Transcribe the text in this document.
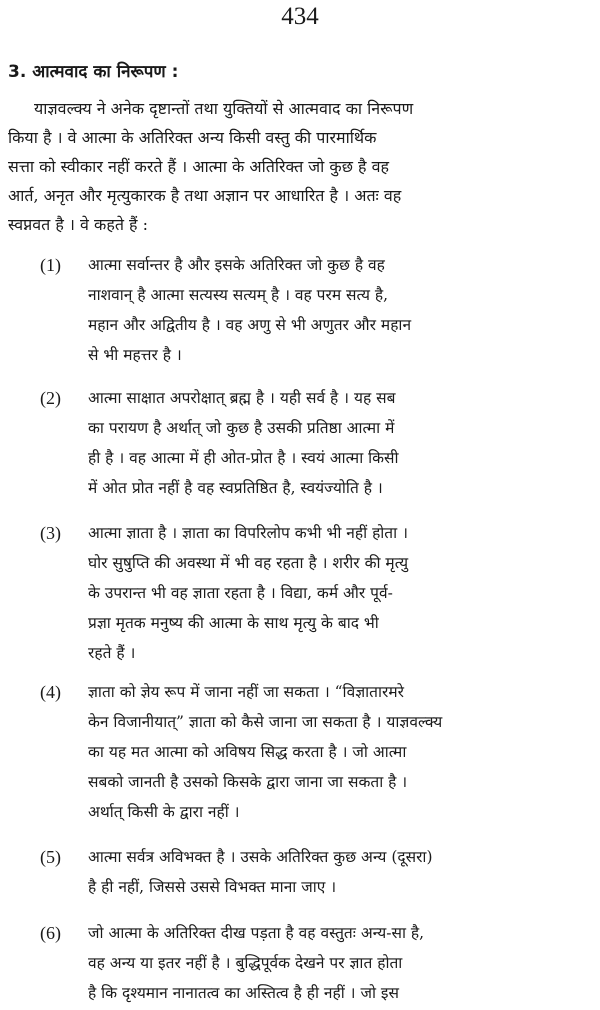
434
3. आत्मवाद का निरूपण :
याज्ञवल्क्य ने अनेक दृष्टान्तों तथा युक्तियों से आत्मवाद का निरूपण
किया है । वे आत्मा के अतिरिक्त अन्य किसी वस्तु की पारमार्थिक
सत्ता को स्वीकार नहीं करते हैं । आत्मा के अतिरिक्त जो कुछ है वह
आर्त, अनृत और मृत्युकारक है तथा अज्ञान पर आधारित है । अतः वह
स्वप्नवत है । वे कहते हैं :
(1) आत्मा सर्वान्तर है और इसके अतिरिक्त जो कुछ है वह
नाशवान् है आत्मा सत्यस्य सत्यम् है । वह परम सत्य है,
महान और अद्वितीय है । वह अणु से भी अणुतर और महान
से भी महत्तर है ।
(2) आत्मा साक्षात अपरोक्षात् ब्रह्म है । यही सर्व है । यह सब
का परायण है अर्थात् जो कुछ है उसकी प्रतिष्ठा आत्मा में
ही है । वह आत्मा में ही ओत-प्रोत है । स्वयं आत्मा किसी
में ओत प्रोत नहीं है वह स्वप्रतिष्ठित है, स्वयंज्योति है ।
(3) आत्मा ज्ञाता है । ज्ञाता का विपरिलोप कभी भी नहीं होता ।
घोर सुषुप्ति की अवस्था में भी वह रहता है । शरीर की मृत्यु
के उपरान्त भी वह ज्ञाता रहता है । विद्या, कर्म और पूर्व-
प्रज्ञा मृतक मनुष्य की आत्मा के साथ मृत्यु के बाद भी
रहते हैं ।
(4) ज्ञाता को ज्ञेय रूप में जाना नहीं जा सकता । “विज्ञातारमरे
केन विजानीयात्” ज्ञाता को कैसे जाना जा सकता है । याज्ञवल्क्य
का यह मत आत्मा को अविषय सिद्ध करता है । जो आत्मा
सबको जानती है उसको किसके द्वारा जाना जा सकता है ।
अर्थात् किसी के द्वारा नहीं ।
(5) आत्मा सर्वत्र अविभक्त है । उसके अतिरिक्त कुछ अन्य (दूसरा)
है ही नहीं, जिससे उससे विभक्त माना जाए ।
(6) जो आत्मा के अतिरिक्त दीख पड़ता है वह वस्तुतः अन्य-सा है,
वह अन्य या इतर नहीं है । बुद्धिपूर्वक देखने पर ज्ञात होता
है कि दृश्यमान नानातत्व का अस्तित्व है ही नहीं । जो इस
